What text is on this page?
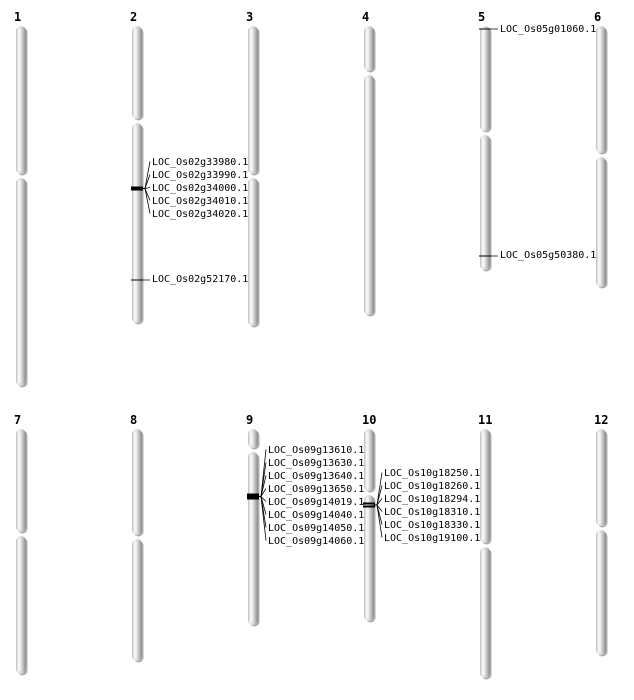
1	2	3	4	5	6
7	8	9	10	11	12
LOC_Os02g33980.1
LOC_Os02g33990.1
LOC_Os02g34000.1
LOC_Os02g34010.1
LOC_Os02g34020.1
LOC_Os02g52170.1
LOC_Os05g01060.1
LOC_Os05g50380.1
LOC_Os09g13610.1
LOC_Os09g13630.1
LOC_Os09g13640.1
LOC_Os09g13650.1
LOC_Os09g14019.1
LOC_Os09g14040.1
LOC_Os09g14050.1
LOC_Os09g14060.1
LOC_Os10g18250.1
LOC_Os10g18260.1
LOC_Os10g18294.1
LOC_Os10g18310.1
LOC_Os10g18330.1
LOC_Os10g19100.1
